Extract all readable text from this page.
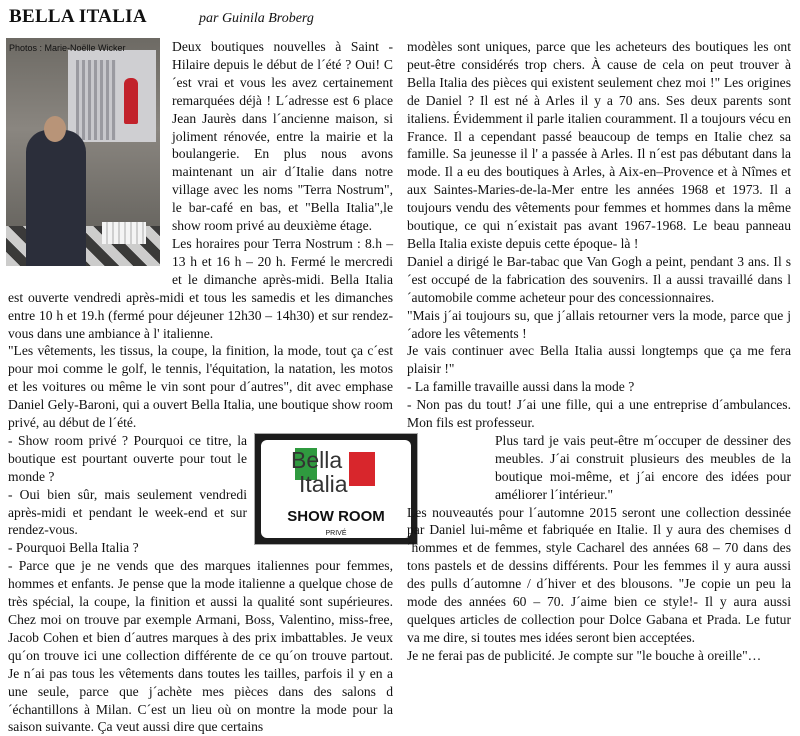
BELLA ITALIA	par Guinila Broberg
Photos : Marie-Noëlle Wicker	Deux boutiques nouvelles à Saint - Hilaire depuis le début de l´été ? Oui! C´est vrai et vous les avez certainement remarquées déjà ! L´adresse est 6 place Jean Jaurès dans l´ancienne maison, si joliment rénovée, entre la mairie et la boulangerie. En plus nous avons maintenant un air d´Italie dans notre village avec les noms "Terra Nostrum", le bar-café en bas, et "Bella Italia",le show room privé au deuxième étage.

Les horaires pour Terra Nostrum : 8.h – 13 h et 16 h – 20 h. Fermé le mercredi et le dimanche après-midi. Bella Italia est ouverte vendredi après-midi et tous les samedis et les dimanches entre 10 h et 19.h (fermé pour déjeuner 12h30 – 14h30) et sur rendez-vous dans une ambiance à l' italienne.

"Les vêtements, les tissus, la coupe, la finition, la mode, tout ça c´est pour moi comme le golf, le tennis, l'équitation, la natation, les motos et les voitures ou même le vin sont pour d´autres", dit avec emphase Daniel Gely-Baroni, qui a ouvert Bella Italia, une boutique show room privé, au début de l´été.

Bella
Italia
SHOW ROOM
PRIVÉ

- Show room privé ? Pourquoi ce titre, la boutique est pourtant ouverte pour tout le monde ?

- Oui bien sûr, mais seulement vendredi après-midi et pendant le week-end et sur rendez-vous.

- Pourquoi Bella Italia ?

- Parce que je ne vends que des marques italiennes pour femmes, hommes et enfants. Je pense que la mode italienne a quelque chose de très spécial, la coupe, la finition et aussi la qualité sont supérieures. Chez moi on trouve par exemple Armani, Boss, Valentino, miss-free, Jacob Cohen et bien d´autres marques à des prix imbattables. Je veux qu´on trouve ici une collection différente de ce qu´on trouve partout. Je n´ai pas tous les vêtements dans toutes les tailles, parfois il y en a une seule, parce que j´achète mes pièces dans des salons d´échantillons à Milan. C´est un lieu où on montre la mode pour la saison suivante. Ça veut aussi dire que certains

modèles sont uniques, parce que les acheteurs des boutiques les ont peut-être considérés trop chers. À cause de cela on peut trouver à Bella Italia des pièces qui existent seulement chez moi !" Les origines de Daniel ? Il est né à Arles il y a 70 ans. Ses deux parents sont italiens. Évidemment il parle italien couramment. Il a toujours vécu en France. Il a cependant passé beaucoup de temps en Italie chez sa famille. Sa jeunesse il l' a passée à Arles. Il n´est pas débutant dans la mode. Il a eu des boutiques à Arles, à Aix-en–Provence et à Nîmes et aux Saintes-Maries-de-la-Mer entre les années 1968 et 1973. Il a toujours vendu des vêtements pour femmes et hommes dans la même boutique, ce qui n´existait pas avant 1967-1968. Le beau panneau Bella Italia existe depuis cette époque- là !

Daniel a dirigé le Bar-tabac que Van Gogh a peint, pendant 3 ans. Il s´est occupé de la fabrication des souvenirs. Il a aussi travaillé dans l´automobile comme acheteur pour des concessionnaires.

"Mais j´ai toujours su, que j´allais retourner vers la mode, parce que j´adore les vêtements !

Je vais continuer avec Bella Italia aussi longtemps que ça me fera plaisir !"

- La famille travaille aussi dans la mode ?

- Non pas du tout! J´ai une fille, qui a une entreprise d´ambulances. Mon fils est professeur.

Plus tard je vais peut-être m´occuper de dessiner des meubles. J´ai construit plusieurs des meubles de la boutique moi-même, et j´ai encore des idées pour améliorer l´intérieur."

Les nouveautés pour l´automne 2015 seront une collection dessinée par Daniel lui-même et fabriquée en Italie. Il y aura des chemises d´hommes et de femmes, style Cacharel des années 68 – 70 dans des tons pastels et de dessins différents. Pour les femmes il y aura aussi des pulls d´automne / d´hiver et des blousons. "Je copie un peu la mode des années 60 – 70. J´aime bien ce style!- Il y aura aussi quelques articles de collection pour Dolce Gabana et Prada. Le futur va me dire, si toutes mes idées seront bien acceptées.

Je ne ferai pas de publicité. Je compte sur "le bouche à oreille"…
